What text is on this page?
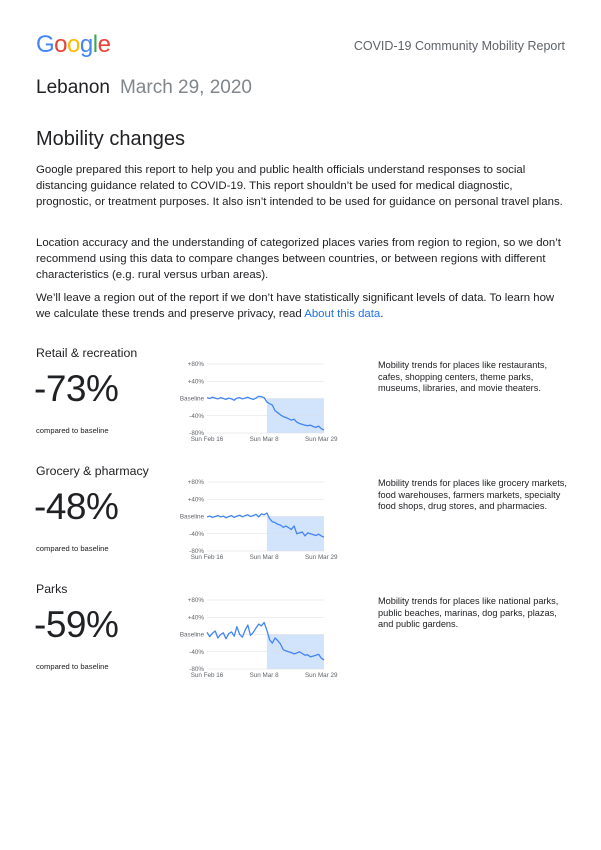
Google	COVID-19 Community Mobility Report
Lebanon March 29, 2020
Mobility changes

Google prepared this report to help you and public health officials understand responses to social distancing guidance related to COVID-19. This report shouldn’t be used for medical diagnostic, prognostic, or treatment purposes. It also isn’t intended to be used for guidance on personal travel plans.

Location accuracy and the understanding of categorized places varies from region to region, so we don’t recommend using this data to compare changes between countries, or between regions with different characteristics (e.g. rural versus urban areas).

We’ll leave a region out of the report if we don’t have statistically significant levels of data. To learn how we calculate these trends and preserve privacy, read About this data.

Retail & recreation
-73%
compared to baseline
+80%
+40%
Baseline
-40%
-80%
Sun Feb 16	Sun Mar 8	Sun Mar 29
Mobility trends for places like restaurants, cafes, shopping centers, theme parks, museums, libraries, and movie theaters.
Grocery & pharmacy
-48%
compared to baseline
+80%
+40%
Baseline
-40%
-80%
Sun Feb 16	Sun Mar 8	Sun Mar 29
Mobility trends for places like grocery markets, food warehouses, farmers markets, specialty food shops, drug stores, and pharmacies.
Parks
-59%
compared to baseline
+80%
+40%
Baseline
-40%
-80%
Sun Feb 16	Sun Mar 8	Sun Mar 29
Mobility trends for places like national parks, public beaches, marinas, dog parks, plazas, and public gardens.
